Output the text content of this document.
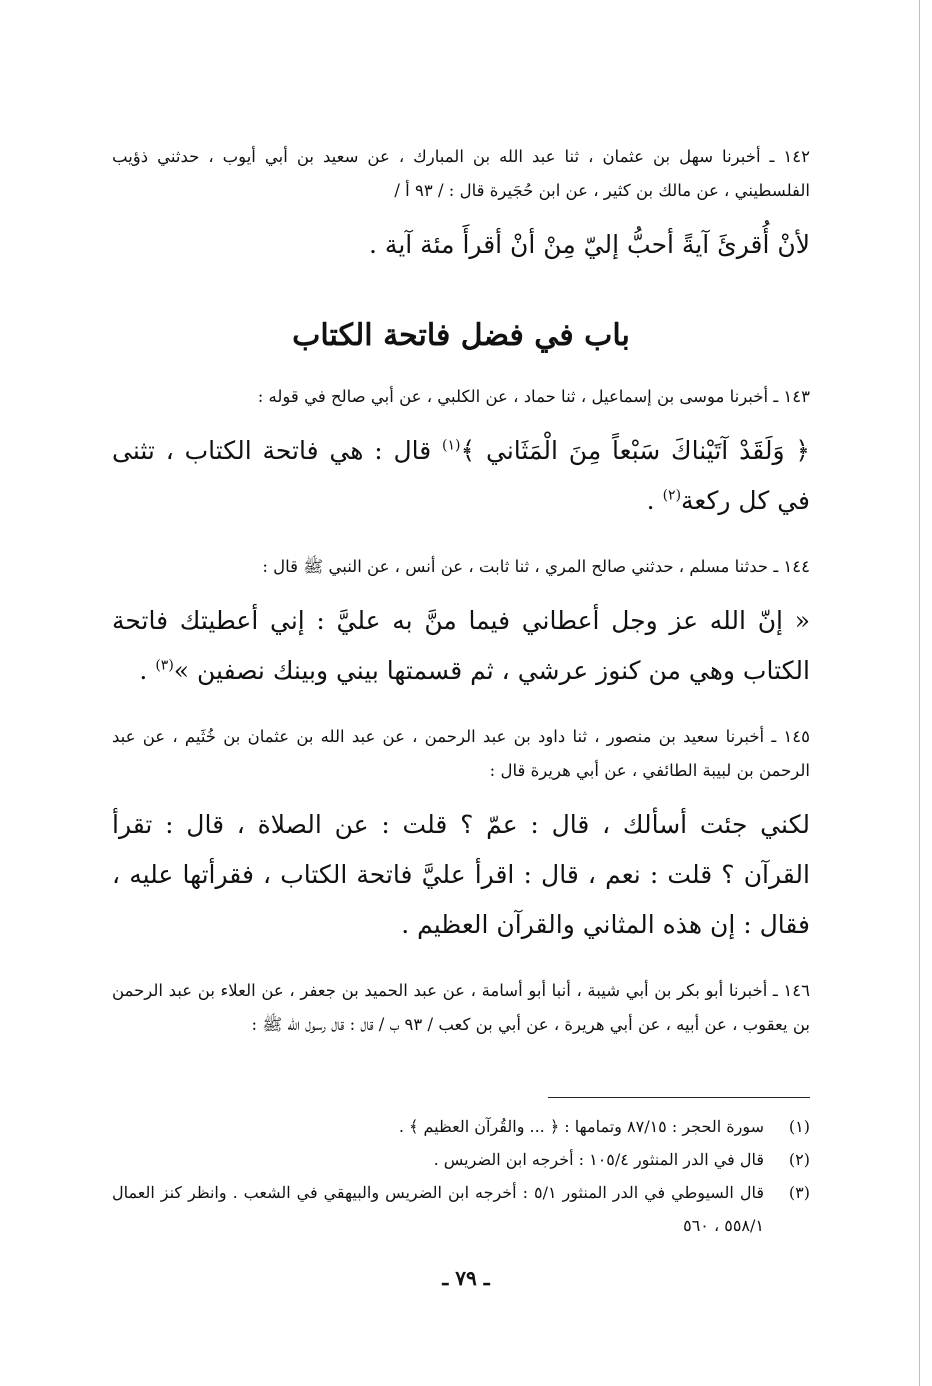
١٤٢ ـ أخبرنا سهل بن عثمان ، ثنا عبد الله بن المبارك ، عن سعيد بن أبي أيوب ، حدثني ذؤيب الفلسطيني ، عن مالك بن كثير ، عن ابن حُجَيرة قال : / ٩٣ أ /

لأنْ أُقرئَ آيةً أحبُّ إليّ مِنْ أنْ أقرأَ مئة آية .

باب في فضل فاتحة الكتاب

١٤٣ ـ أخبرنا موسى بن إسماعيل ، ثنا حماد ، عن الكلبي ، عن أبي صالح في قوله :

﴿ وَلَقَدْ آتَيْناكَ سَبْعاً مِنَ الْمَثَاني ﴾$^{(١)}$ قال : هي فاتحة الكتاب ، تثنى في كل ركعة$^{(٢)}$ .

١٤٤ ـ حدثنا مسلم ، حدثني صالح المري ، ثنا ثابت ، عن أنس ، عن النبي ﷺ قال :

« إنّ الله عز وجل أعطاني فيما منَّ به عليَّ : إني أعطيتك فاتحة الكتاب وهي من كنوز عرشي ، ثم قسمتها بيني وبينك نصفين »$^{(٣)}$ .

١٤٥ ـ أخبرنا سعيد بن منصور ، ثنا داود بن عبد الرحمن ، عن عبد الله بن عثمان بن خُثَيم ، عن عبد الرحمن بن لبيبة الطائفي ، عن أبي هريرة قال :

لكني جئت أسألك ، قال : عمّ ؟ قلت : عن الصلاة ، قال : تقرأ القرآن ؟ قلت : نعم ، قال : اقرأ عليَّ فاتحة الكتاب ، فقرأتها عليه ، فقال : إن هذه المثاني والقرآن العظيم .

١٤٦ ـ أخبرنا أبو بكر بن أبي شيبة ، أنبا أبو أسامة ، عن عبد الحميد بن جعفر ، عن العلاء بن عبد الرحمن بن يعقوب ، عن أبيه ، عن أبي هريرة ، عن أبي بن كعب / ٩٣ ب / قال : قال رسول الله ﷺ :

(١)
سورة الحجر : ٨٧/١٥ وتمامها : ﴿ ... والقُرآن العظيم ﴾ .
(٢)
قال في الدر المنثور ١٠٥/٤ : أخرجه ابن الضريس .
(٣)
قال السيوطي في الدر المنثور ٥/١ : أخرجه ابن الضريس والبيهقي في الشعب . وانظر كنز العمال ٥٥٨/١ ، ٥٦٠
ـ ٧٩ ـ
